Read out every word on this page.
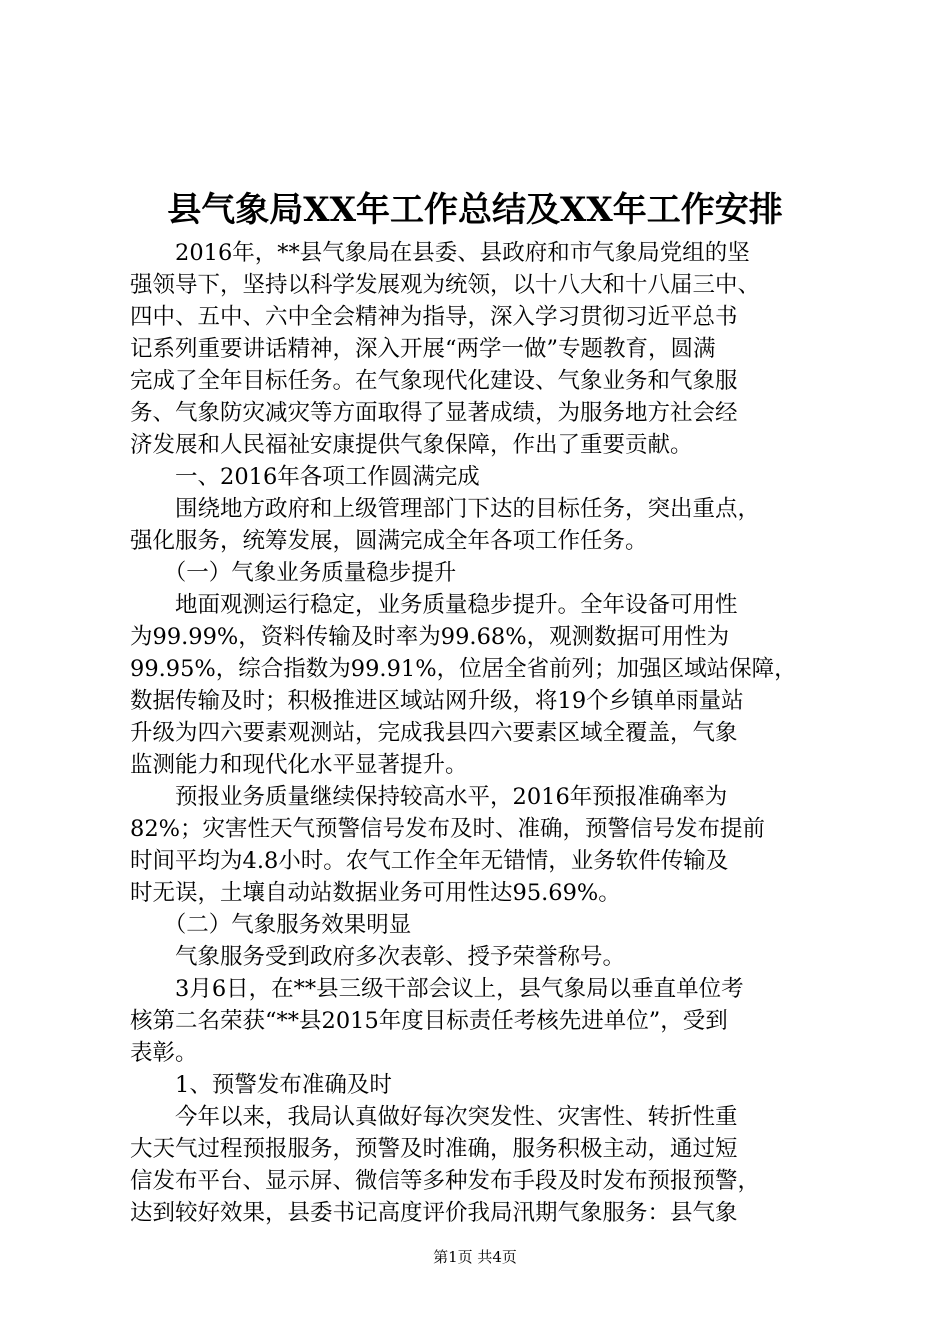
县气象局XX年工作总结及XX年工作安排

　　2016年，**县气象局在县委、县政府和市气象局党组的坚

强领导下，坚持以科学发展观为统领，以十八大和十八届三中、

四中、五中、六中全会精神为指导，深入学习贯彻习近平总书

记系列重要讲话精神，深入开展“两学一做”专题教育，圆满

完成了全年目标任务。在气象现代化建设、气象业务和气象服

务、气象防灾减灾等方面取得了显著成绩，为服务地方社会经

济发展和人民福祉安康提供气象保障，作出了重要贡献。

　　一、2016年各项工作圆满完成

　　围绕地方政府和上级管理部门下达的目标任务，突出重点，

强化服务，统筹发展，圆满完成全年各项工作任务。

　　（一）气象业务质量稳步提升

　　地面观测运行稳定，业务质量稳步提升。全年设备可用性

为99.99%，资料传输及时率为99.68%，观测数据可用性为

99.95%，综合指数为99.91%，位居全省前列；加强区域站保障，

数据传输及时；积极推进区域站网升级，将19个乡镇单雨量站

升级为四六要素观测站，完成我县四六要素区域全覆盖，气象

监测能力和现代化水平显著提升。

　　预报业务质量继续保持较高水平，2016年预报准确率为

82%；灾害性天气预警信号发布及时、准确，预警信号发布提前

时间平均为4.8小时。农气工作全年无错情，业务软件传输及

时无误，土壤自动站数据业务可用性达95.69%。

　　（二）气象服务效果明显

　　气象服务受到政府多次表彰、授予荣誉称号。

　　3月6日，在**县三级干部会议上，县气象局以垂直单位考

核第二名荣获“**县2015年度目标责任考核先进单位”，受到

表彰。

　　1、预警发布准确及时

　　今年以来，我局认真做好每次突发性、灾害性、转折性重

大天气过程预报服务，预警及时准确，服务积极主动，通过短

信发布平台、显示屏、微信等多种发布手段及时发布预报预警，

达到较好效果，县委书记高度评价我局汛期气象服务：县气象

第1页 共4页
